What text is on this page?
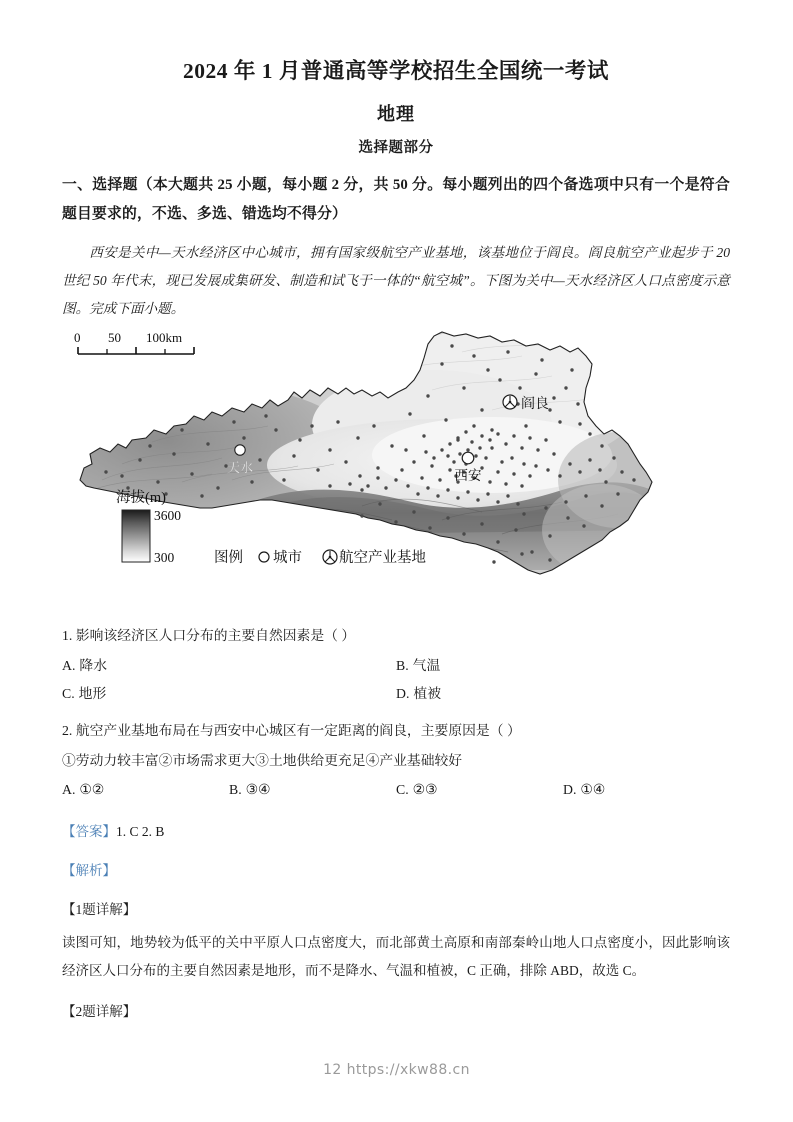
2024 年 1 月普通高等学校招生全国统一考试
地理
选择题部分

一、选择题（本大题共 25 小题，每小题 2 分，共 50 分。每小题列出的四个备选项中只有一个是符合题目要求的，不选、多选、错选均不得分）

西安是关中—天水经济区中心城市，拥有国家级航空产业基地，该基地位于阎良。阎良航空产业起步于 20 世纪 50 年代末，现已发展成集研发、制造和试飞于一体的“航空城”。下图为关中—天水经济区人口点密度示意图。完成下面小题。

天水
西安
阎良
0 50 100km
海拔(m)
3600
300	图例 城市	航空产业基地
1. 影响该经济区人口分布的主要自然因素是（ ）
A. 降水	B. 气温
C. 地形	D. 植被
2. 航空产业基地布局在与西安中心城区有一定距离的阎良，主要原因是（ ）
①劳动力较丰富②市场需求更大③土地供给更充足④产业基础较好
A. ①②	B. ③④	C. ②③	D. ①④
【答案】1. C 2. B
【解析】
【1题详解】
读图可知，地势较为低平的关中平原人口点密度大，而北部黄土高原和南部秦岭山地人口点密度小，因此影响该经济区人口分布的主要自然因素是地形，而不是降水、气温和植被，C 正确，排除 ABD，故选 C。
【2题详解】
12 https://xkw88.cn
